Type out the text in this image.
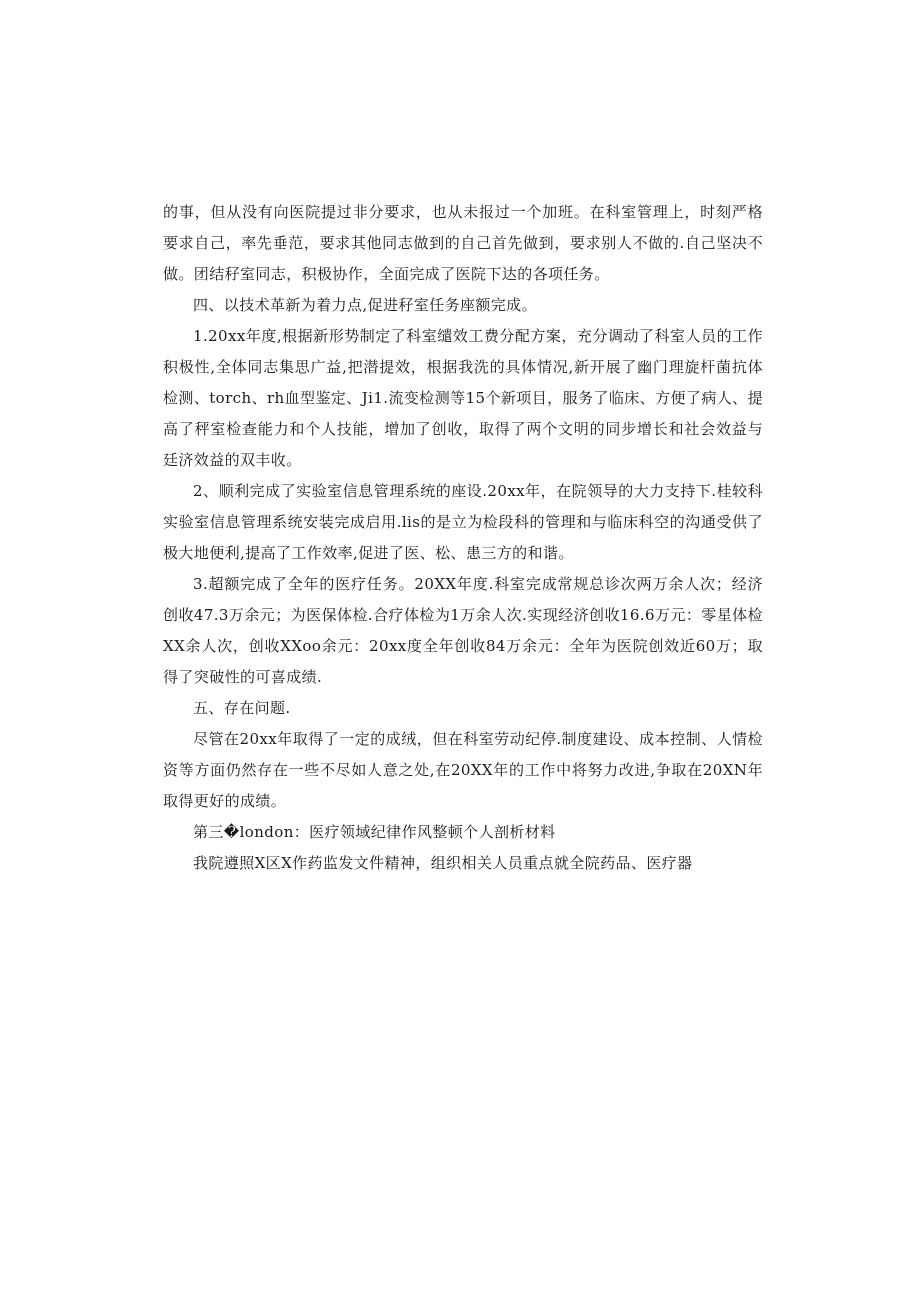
的事，但从没有向医院提过非分要求，也从未报过一个加班。在科室管理上，时刻严格要求自己，率先垂范，要求其他同志做到的自己首先做到，要求别人不做的.自己坚决不做。团结秄室同志，积极协作，全面完成了医院下达的各项任务。

四、以技术革新为着力点,促进秄室任务座额完成。

1.20xx年度,根据新形势制定了科室缱效工费分配方案，充分调动了科室人员的工作积极性,全体同志集思广益,把潜提效，根据我洗的具体情况,新开展了幽门理旋杆菌抗体检测、torch、rh血型鉴定、Ji1.流变检测等15个新项目，服务了临床、方便了病人、提高了秤室检查能力和个人技能，增加了创收，取得了两个文明的同步增长和社会效益与廷济效益的双丰收。

2、顺利完成了实验室信息管理系统的座设.20xx年，在院领导的大力支持下.桂较科实验室信息管理系统安装完成启用.lis的是立为检段科的管理和与临床科空的沟通受供了极大地便利,提高了工作效率,促进了医、松、患三方的和谐。

3.超额完成了全年的医疗任务。20XX年度.科室完成常规总诊次两万余人次；经济创收47.3万余元；为医保体检.合疗体检为1万余人次.实现经济创收16.6万元：零星体检XX余人次，创收XXoo余元：20xx度全年创收84万余元：全年为医院创效近60万；取得了突破性的可喜成绩.

五、存在问题.

尽管在20xx年取得了一定的成绒，但在科室劳动纪停.制度建设、成本控制、人情检资等方面仍然存在一些不尽如人意之处,在20XX年的工作中将努力改进,争取在20XN年取得更好的成绩。

第三�london：医疗领域纪律作风整顿个人剖析材料

我院遵照X区X作药监发文件精神，组织相关人员重点就全院药品、医疗器
